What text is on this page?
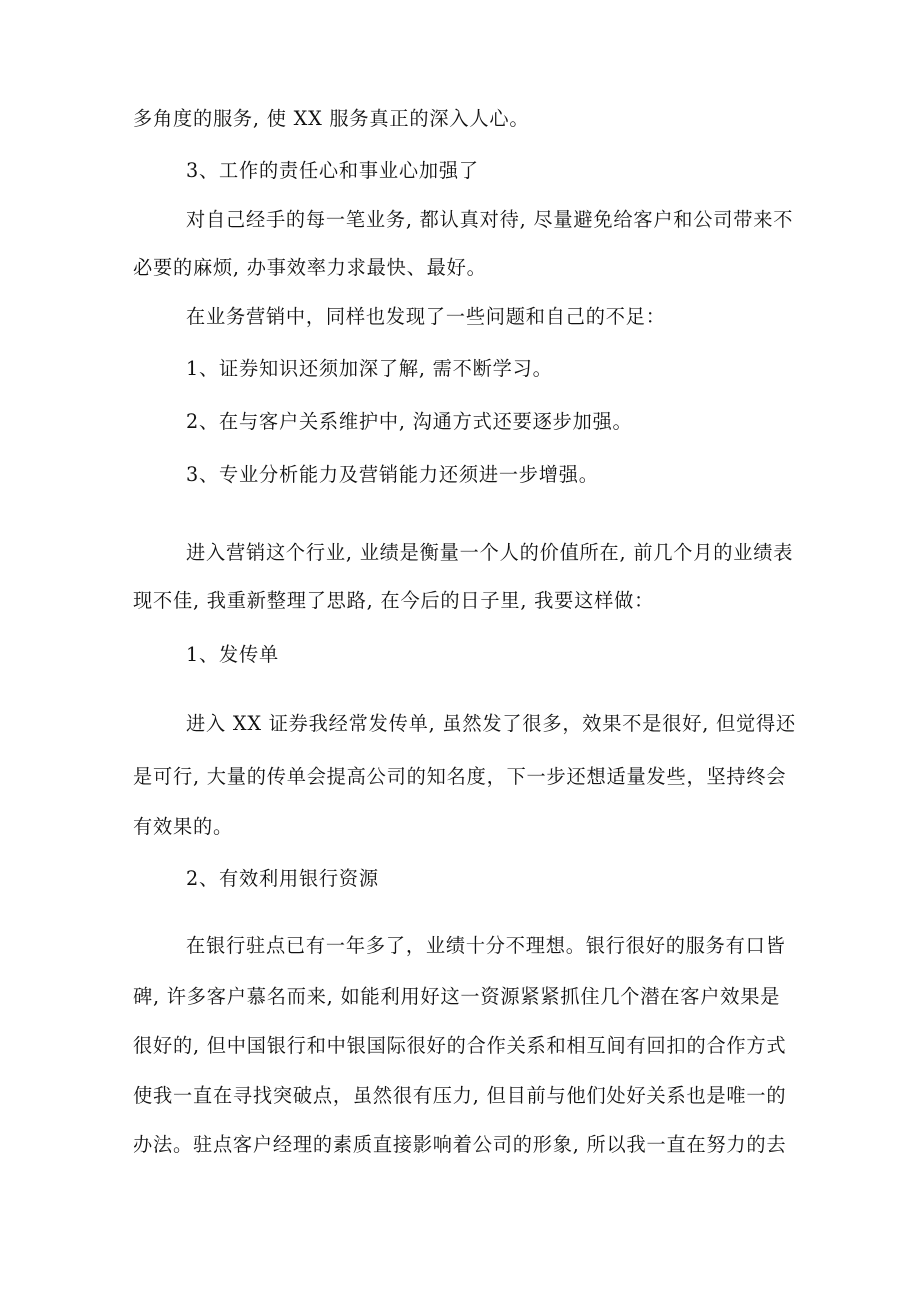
多角度的服务, 使 XX 服务真正的深入人心。
3、工作的责任心和事业心加强了
对自己经手的每一笔业务, 都认真对待, 尽量避免给客户和公司带来不
必要的麻烦, 办事效率力求最快、最好。
在业务营销中，同样也发现了一些问题和自己的不足：
1、证券知识还须加深了解, 需不断学习。
2、在与客户关系维护中, 沟通方式还要逐步加强。
3、专业分析能力及营销能力还须进一步增强。
进入营销这个行业, 业绩是衡量一个人的价值所在, 前几个月的业绩表
现不佳, 我重新整理了思路, 在今后的日子里, 我要这样做：
1、发传单
进入 XX 证券我经常发传单, 虽然发了很多，效果不是很好, 但觉得还
是可行, 大量的传单会提高公司的知名度，下一步还想适量发些，坚持终会
有效果的。
2、有效利用银行资源
在银行驻点已有一年多了，业绩十分不理想。银行很好的服务有口皆
碑, 许多客户慕名而来, 如能利用好这一资源紧紧抓住几个潜在客户效果是
很好的, 但中国银行和中银国际很好的合作关系和相互间有回扣的合作方式
使我一直在寻找突破点，虽然很有压力, 但目前与他们处好关系也是唯一的
办法。驻点客户经理的素质直接影响着公司的形象, 所以我一直在努力的去
